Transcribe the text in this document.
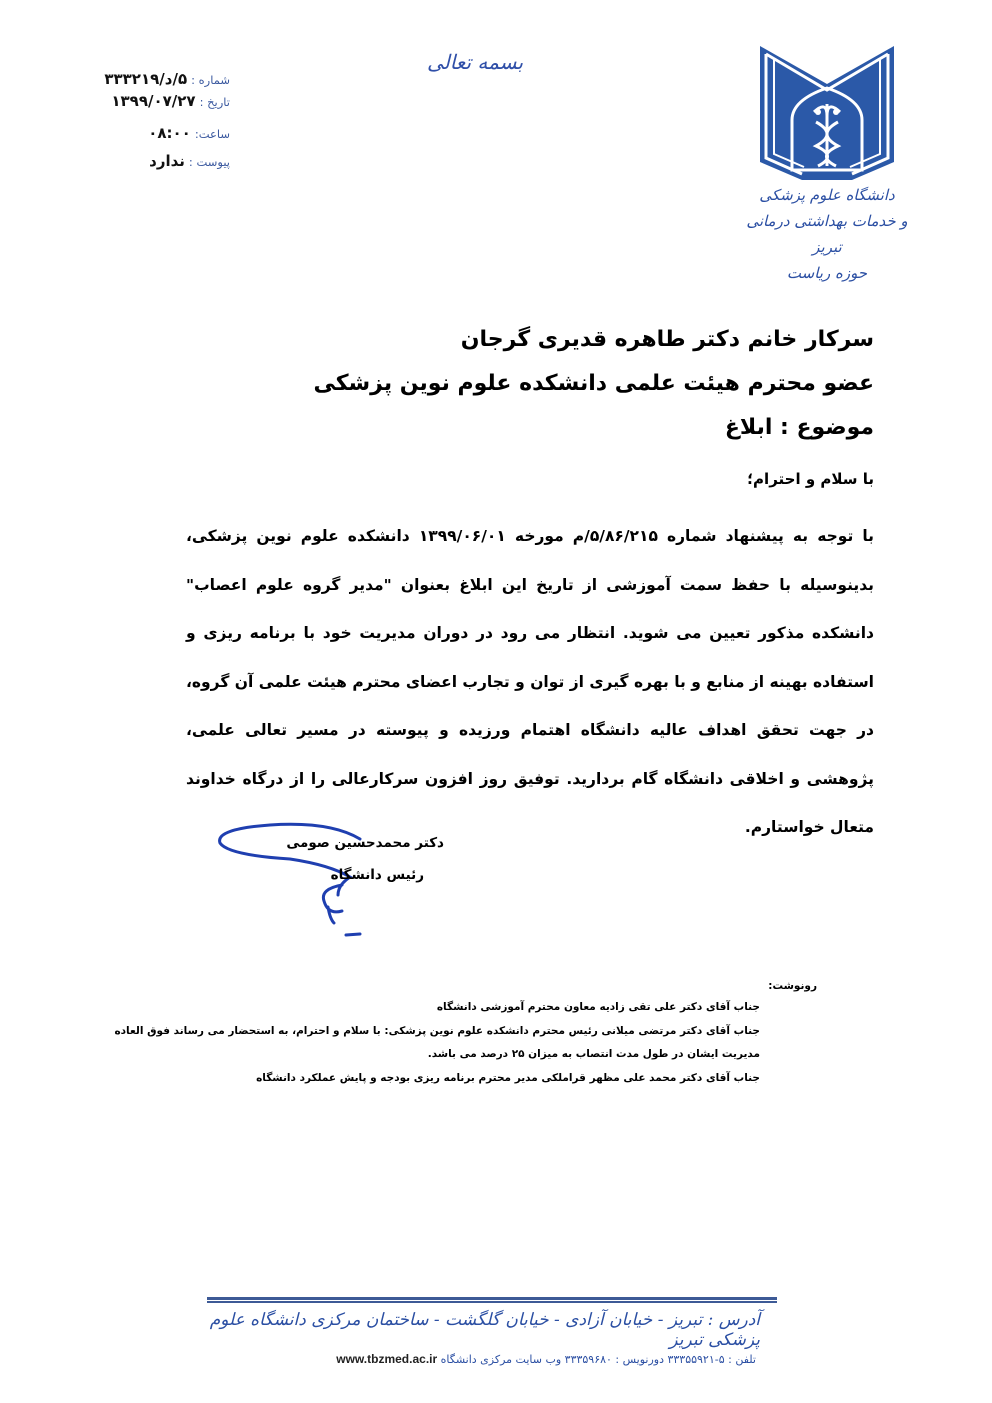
بسمه تعالی
شماره :
۵/د/۳۳۳۲۱۹
تاریخ :
۱۳۹۹/۰۷/۲۷
ساعت:
۰۸:۰۰
پیوست :
ندارد
دانشگاه علوم پزشکی
و خدمات بهداشتی درمانی تبریز
حوزه ریاست
سرکار خانم دکتر طاهره قدیری گرجان
عضو محترم هیئت علمی دانشکده علوم نوین پزشکی
موضوع : ابلاغ
با سلام و احترام؛
با توجه به پیشنهاد شماره ۵/۸۶/۲۱۵/م مورخه ۱۳۹۹/۰۶/۰۱ دانشکده علوم نوین پزشکی، بدینوسیله با حفظ سمت آموزشی از تاریخ این ابلاغ بعنوان "مدیر گروه علوم اعصاب" دانشکده مذکور تعیین می شوید. انتظار می رود در دوران مدیریت خود با برنامه ریزی و استفاده بهینه از منابع و با بهره گیری از توان و تجارب اعضای محترم هیئت علمی آن گروه، در جهت تحقق اهداف عالیه دانشگاه اهتمام ورزیده و پیوسته در مسیر تعالی علمی، پژوهشی و اخلاقی دانشگاه گام بردارید. توفیق روز افزون سرکارعالی را از درگاه خداوند متعال خواستارم.
دکتر محمدحسین صومی
رئیس دانشگاه
رونوشت:
جناب آقای دکتر علی تقی زادیه معاون محترم آموزشی دانشگاه
جناب آقای دکتر مرتضی میلانی رئیس محترم دانشکده علوم نوین پزشکی: با سلام و احترام، به استحضار می رساند فوق العاده
مدیریت ایشان در طول مدت انتصاب به میزان ۲۵ درصد می باشد.
جناب آقای دکتر محمد علی مظهر قراملکی مدیر محترم برنامه ریزی بودجه و پایش عملکرد دانشگاه
آدرس : تبریز - خیابان آزادی - خیابان گلگشت - ساختمان مرکزی دانشگاه علوم پزشکی تبریز
تلفن : ۵-۳۳۳۵۵۹۲۱ دورنویس : ۳۳۳۵۹۶۸۰ وب سایت مرکزی دانشگاه www.tbzmed.ac.ir
